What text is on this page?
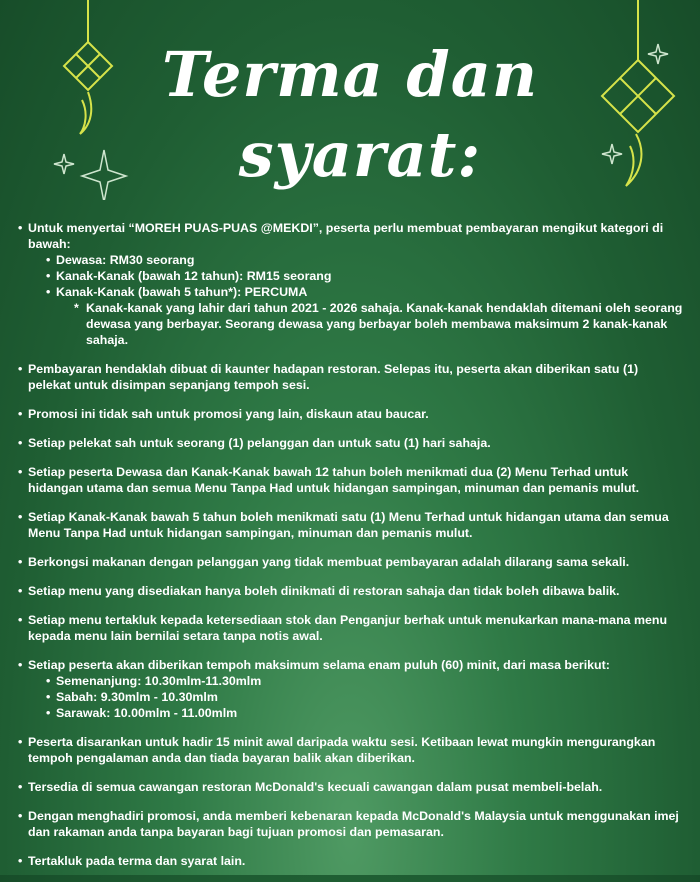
Terma dan
syarat:
• Untuk menyertai “MOREH PUAS-PUAS @MEKDI”, peserta perlu membuat pembayaran mengikut kategori di bawah:
• Dewasa: RM30 seorang
• Kanak-Kanak (bawah 12 tahun): RM15 seorang
• Kanak-Kanak (bawah 5 tahun*): PERCUMA
* Kanak-kanak yang lahir dari tahun 2021 - 2026 sahaja. Kanak-kanak hendaklah ditemani oleh seorang dewasa yang berbayar. Seorang dewasa yang berbayar boleh membawa maksimum 2 kanak-kanak sahaja.
• Pembayaran hendaklah dibuat di kaunter hadapan restoran. Selepas itu, peserta akan diberikan satu (1) pelekat untuk disimpan sepanjang tempoh sesi.
• Promosi ini tidak sah untuk promosi yang lain, diskaun atau baucar.
• Setiap pelekat sah untuk seorang (1) pelanggan dan untuk satu (1) hari sahaja.
• Setiap peserta Dewasa dan Kanak-Kanak bawah 12 tahun boleh menikmati dua (2) Menu Terhad untuk hidangan utama dan semua Menu Tanpa Had untuk hidangan sampingan, minuman dan pemanis mulut.
• Setiap Kanak-Kanak bawah 5 tahun boleh menikmati satu (1) Menu Terhad untuk hidangan utama dan semua Menu Tanpa Had untuk hidangan sampingan, minuman dan pemanis mulut.
• Berkongsi makanan dengan pelanggan yang tidak membuat pembayaran adalah dilarang sama sekali.
• Setiap menu yang disediakan hanya boleh dinikmati di restoran sahaja dan tidak boleh dibawa balik.
• Setiap menu tertakluk kepada ketersediaan stok dan Penganjur berhak untuk menukarkan mana-mana menu kepada menu lain bernilai setara tanpa notis awal.
• Setiap peserta akan diberikan tempoh maksimum selama enam puluh (60) minit, dari masa berikut:
• Semenanjung: 10.30mlm-11.30mlm
• Sabah: 9.30mlm - 10.30mlm
• Sarawak: 10.00mlm - 11.00mlm
• Peserta disarankan untuk hadir 15 minit awal daripada waktu sesi. Ketibaan lewat mungkin mengurangkan tempoh pengalaman anda dan tiada bayaran balik akan diberikan.
• Tersedia di semua cawangan restoran McDonald's kecuali cawangan dalam pusat membeli-belah.
• Dengan menghadiri promosi, anda memberi kebenaran kepada McDonald's Malaysia untuk menggunakan imej dan rakaman anda tanpa bayaran bagi tujuan promosi dan pemasaran.
• Tertakluk pada terma dan syarat lain.
